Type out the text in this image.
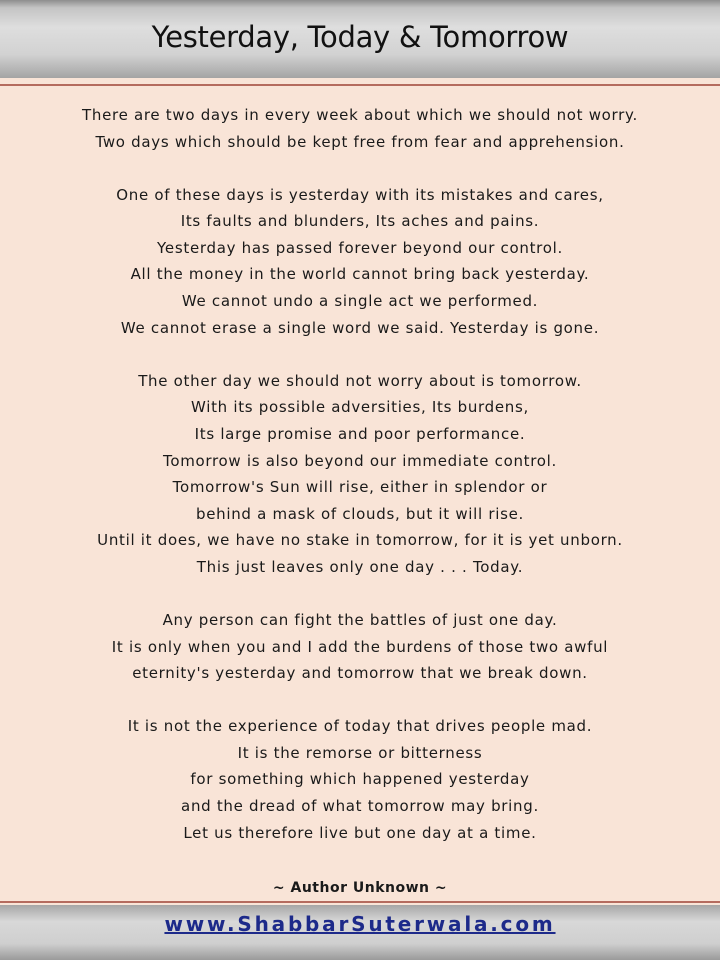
Yesterday, Today & Tomorrow
There are two days in every week about which we should not worry.
Two days which should be kept free from fear and apprehension.
One of these days is yesterday with its mistakes and cares,
Its faults and blunders, Its aches and pains.
Yesterday has passed forever beyond our control.
All the money in the world cannot bring back yesterday.
We cannot undo a single act we performed.
We cannot erase a single word we said. Yesterday is gone.
The other day we should not worry about is tomorrow.
With its possible adversities, Its burdens,
Its large promise and poor performance.
Tomorrow is also beyond our immediate control.
Tomorrow's Sun will rise, either in splendor or
behind a mask of clouds, but it will rise.
Until it does, we have no stake in tomorrow, for it is yet unborn.
This just leaves only one day . . . Today.
Any person can fight the battles of just one day.
It is only when you and I add the burdens of those two awful
eternity's yesterday and tomorrow that we break down.
It is not the experience of today that drives people mad.
It is the remorse or bitterness
for something which happened yesterday
and the dread of what tomorrow may bring.
Let us therefore live but one day at a time.
~ Author Unknown ~
www.ShabbarSuterwala.com
